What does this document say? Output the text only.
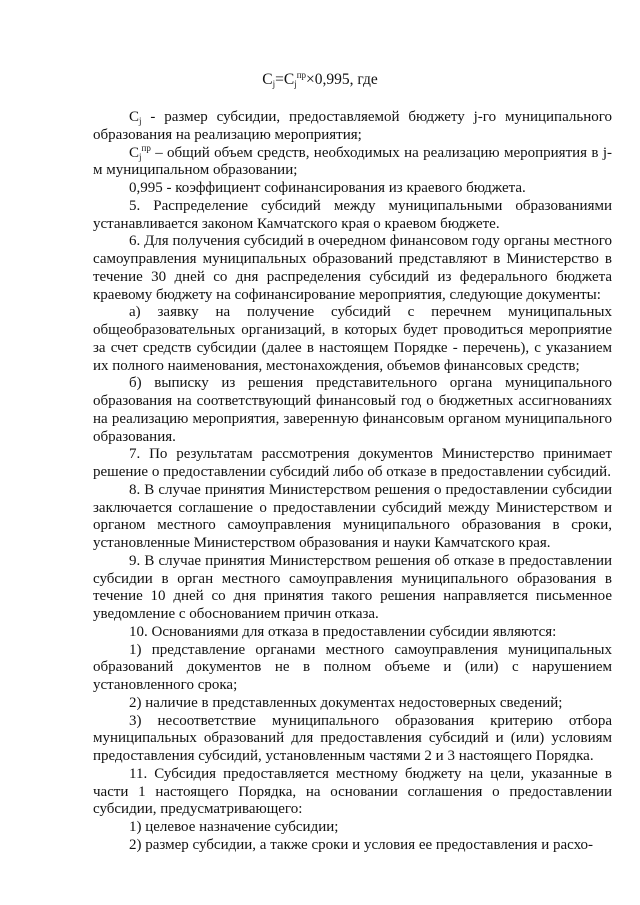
$C_j=C_j^{пр}\times 0,995$, где

$C_j$ - размер субсидии, предоставляемой бюджету j-го муниципального образования на реализацию мероприятия;

$C_j^{пр}$ – общий объем средств, необходимых на реализацию мероприятия в j-м муниципальном образовании;

0,995 - коэффициент софинансирования из краевого бюджета.

5. Распределение субсидий между муниципальными образованиями устанавливается законом Камчатского края о краевом бюджете.

6. Для получения субсидий в очередном финансовом году органы местного самоуправления муниципальных образований представляют в Министерство в течение 30 дней со дня распределения субсидий из федерального бюджета краевому бюджету на софинансирование мероприятия, следующие документы:

а) заявку на получение субсидий с перечнем муниципальных общеобразовательных организаций, в которых будет проводиться мероприятие за счет средств субсидии (далее в настоящем Порядке - перечень), с указанием их полного наименования, местонахождения, объемов финансовых средств;

б) выписку из решения представительного органа муниципального образования на соответствующий финансовый год о бюджетных ассигнованиях на реализацию мероприятия, заверенную финансовым органом муниципального образования.

7. По результатам рассмотрения документов Министерство принимает решение о предоставлении субсидий либо об отказе в предоставлении субсидий.

8. В случае принятия Министерством решения о предоставлении субсидии заключается соглашение о предоставлении субсидий между Министерством и органом местного самоуправления муниципального образования в сроки, установленные Министерством образования и науки Камчатского края.

9. В случае принятия Министерством решения об отказе в предоставлении субсидии в орган местного самоуправления муниципального образования в течение 10 дней со дня принятия такого решения направляется письменное уведомление с обоснованием причин отказа.

10. Основаниями для отказа в предоставлении субсидии являются:

1) представление органами местного самоуправления муниципальных образований документов не в полном объеме и (или) с нарушением установленного срока;

2) наличие в представленных документах недостоверных сведений;

3) несоответствие муниципального образования критерию отбора муниципальных образований для предоставления субсидий и (или) условиям предоставления субсидий, установленным частями 2 и 3 настоящего Порядка.

11. Субсидия предоставляется местному бюджету на цели, указанные в части 1 настоящего Порядка, на основании соглашения о предоставлении субсидии, предусматривающего:

1) целевое назначение субсидии;

2) размер субсидии, а также сроки и условия ее предоставления и расхо-
